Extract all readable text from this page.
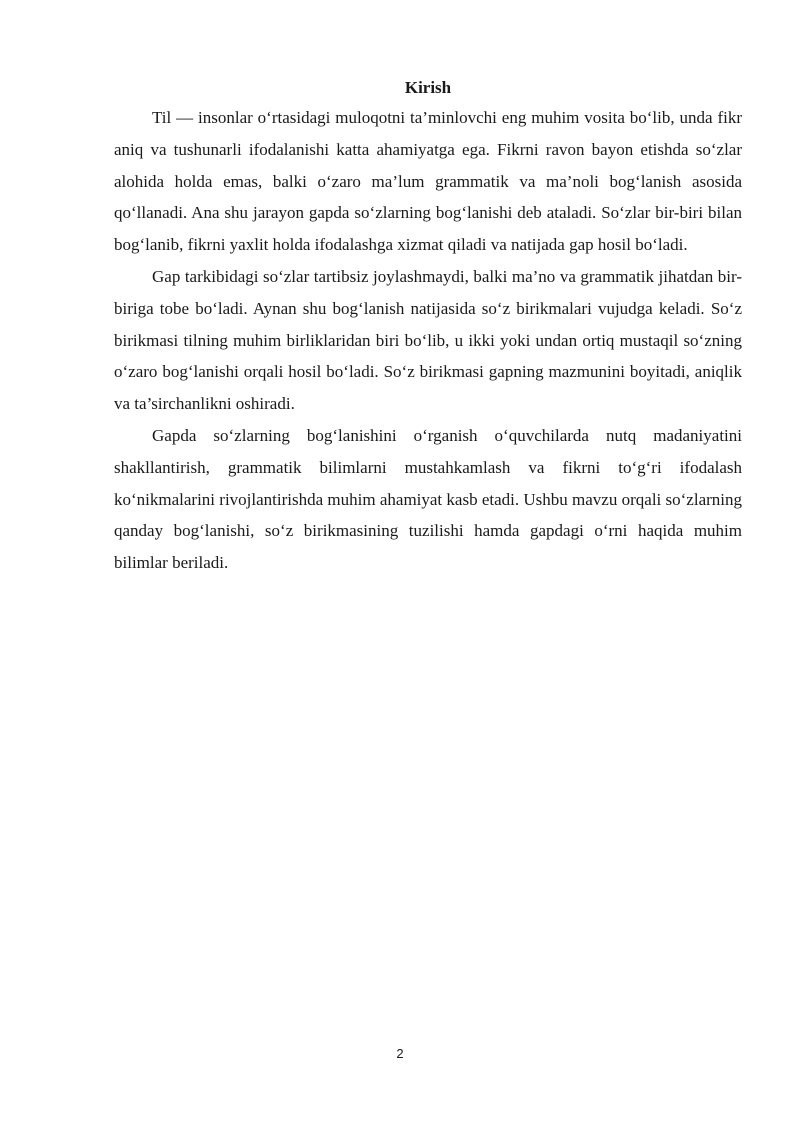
Kirish

Til — insonlar o‘rtasidagi muloqotni ta’minlovchi eng muhim vosita bo‘lib, unda fikr aniq va tushunarli ifodalanishi katta ahamiyatga ega. Fikrni ravon bayon etishda so‘zlar alohida holda emas, balki o‘zaro ma’lum grammatik va ma’noli bog‘lanish asosida qo‘llanadi. Ana shu jarayon gapda so‘zlarning bog‘lanishi deb ataladi. So‘zlar bir-biri bilan bog‘lanib, fikrni yaxlit holda ifodalashga xizmat qiladi va natijada gap hosil bo‘ladi.

Gap tarkibidagi so‘zlar tartibsiz joylashmaydi, balki ma’no va grammatik jihatdan bir-biriga tobe bo‘ladi. Aynan shu bog‘lanish natijasida so‘z birikmalari vujudga keladi. So‘z birikmasi tilning muhim birliklaridan biri bo‘lib, u ikki yoki undan ortiq mustaqil so‘zning o‘zaro bog‘lanishi orqali hosil bo‘ladi. So‘z birikmasi gapning mazmunini boyitadi, aniqlik va ta’sirchanlikni oshiradi.

Gapda so‘zlarning bog‘lanishini o‘rganish o‘quvchilarda nutq madaniyatini shakllantirish, grammatik bilimlarni mustahkamlash va fikrni to‘g‘ri ifodalash ko‘nikmalarini rivojlantirishda muhim ahamiyat kasb etadi. Ushbu mavzu orqali so‘zlarning qanday bog‘lanishi, so‘z birikmasining tuzilishi hamda gapdagi o‘rni haqida muhim bilimlar beriladi.

2
